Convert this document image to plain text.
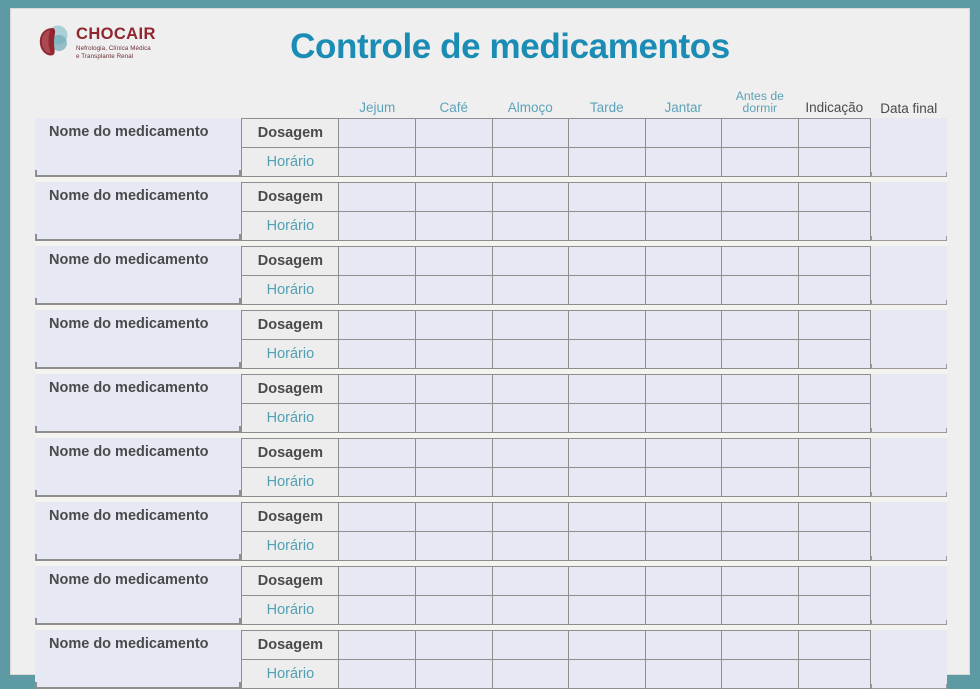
CHOCAIR
Nefrologia, Clínica Médica
e Transplante Renal	Controle de medicamentos
		Jejum	Café	Almoço	Tarde	Jantar	Antes de dormir	Indicação	Data final

Nome do medicamento	Dosagem								
	Horário								

Nome do medicamento	Dosagem								
	Horário								

Nome do medicamento	Dosagem								
	Horário								

Nome do medicamento	Dosagem								
	Horário								

Nome do medicamento	Dosagem								
	Horário								

Nome do medicamento	Dosagem								
	Horário								

Nome do medicamento	Dosagem								
	Horário								

Nome do medicamento	Dosagem								
	Horário								

Nome do medicamento	Dosagem								
	Horário								
